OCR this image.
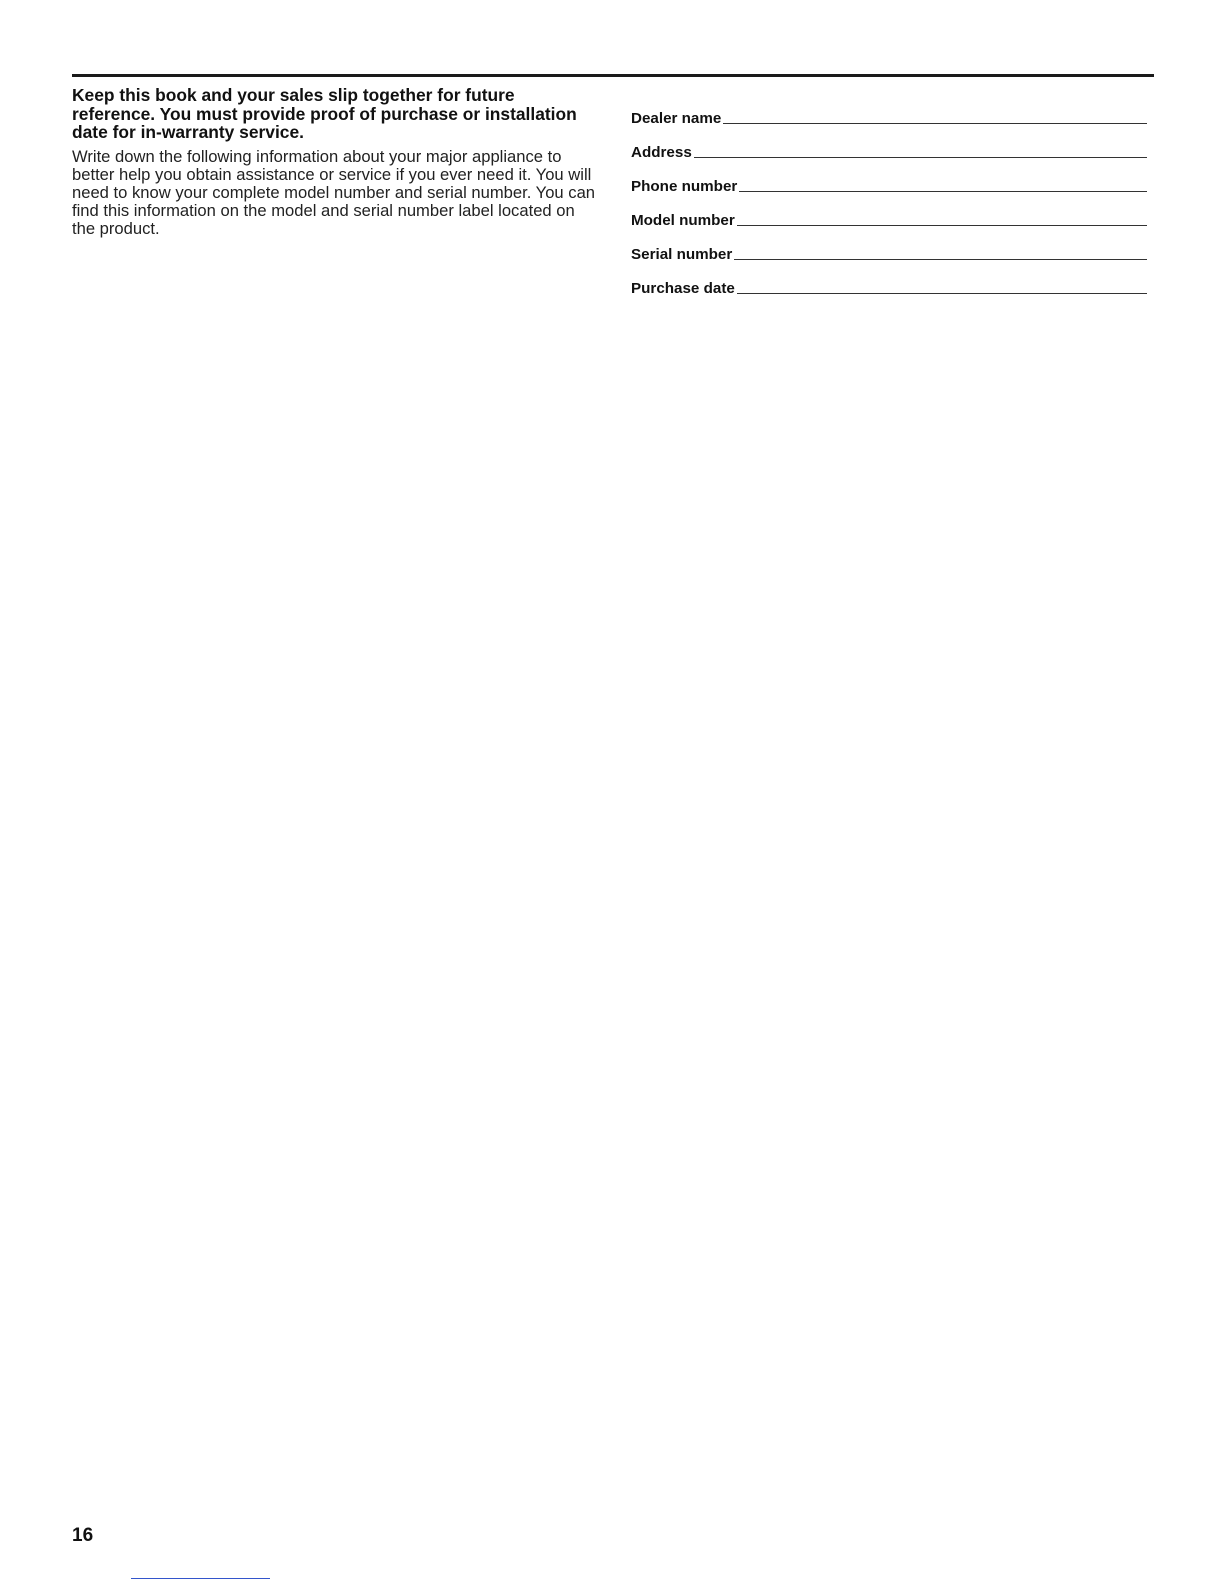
Keep this book and your sales slip together for future reference. You must provide proof of purchase or installation date for in-warranty service.

Write down the following information about your major appliance to better help you obtain assistance or service if you ever need it. You will need to know your complete model number and serial number. You can find this information on the model and serial number label located on the product.

Dealer name
Address
Phone number
Model number
Serial number
Purchase date
16
